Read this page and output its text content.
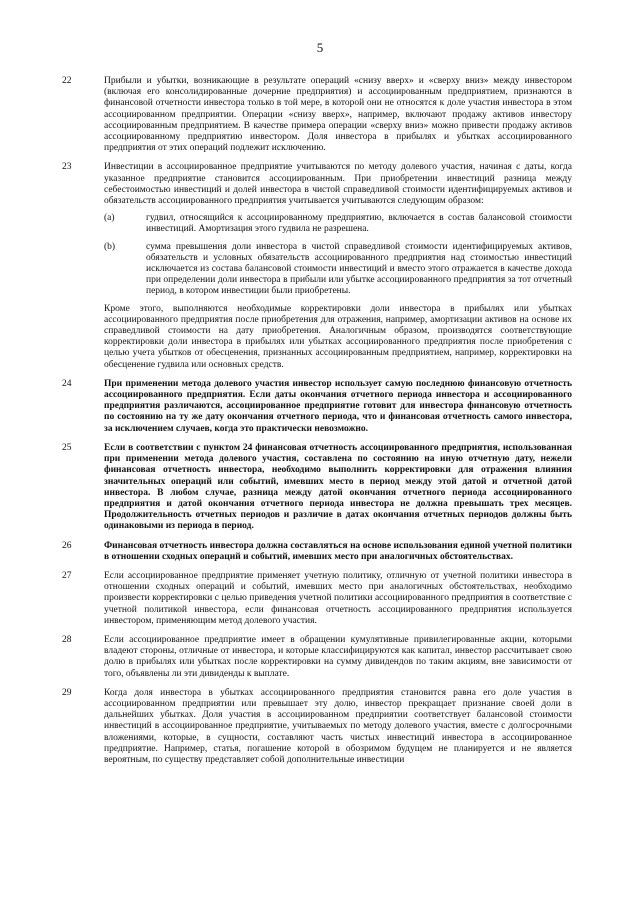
5
22	Прибыли и убытки, возникающие в результате операций «снизу вверх» и «сверху вниз» между инвестором (включая его консолидированные дочерние предприятия) и ассоциированным предприятием, признаются в финансовой отчетности инвестора только в той мере, в которой они не относятся к доле участия инвестора в этом ассоциированном предприятии. Операции «снизу вверх», например, включают продажу активов инвестору ассоциированным предприятием. В качестве примера операции «сверху вниз» можно привести продажу активов ассоциированному предприятию инвестором. Доля инвестора в прибылях и убытках ассоциированного предприятия от этих операций подлежит исключению.

23	Инвестиции в ассоциированное предприятие учитываются по методу долевого участия, начиная с даты, когда указанное предприятие становится ассоциированным. При приобретении инвестиций разница между себестоимостью инвестиций и долей инвестора в чистой справедливой стоимости идентифицируемых активов и обязательств ассоциированного предприятия учитывается учитываются следующим образом:

(a)	гудвил, относящийся к ассоциированному предприятию, включается в состав балансовой стоимости инвестиций. Амортизация этого гудвила не разрешена.
(b)	сумма превышения доли инвестора в чистой справедливой стоимости идентифицируемых активов, обязательств и условных обязательств ассоциированного предприятия над стоимостью инвестиций исключается из состава балансовой стоимости инвестиций и вместо этого отражается в качестве дохода при определении доли инвестора в прибыли или убытке ассоциированного предприятия за тот отчетный период, в котором инвестиции были приобретены.

Кроме этого, выполняются необходимые корректировки доли инвестора в прибылях или убытках ассоциированного предприятия после приобретения для отражения, например, амортизации активов на основе их справедливой стоимости на дату приобретения. Аналогичным образом, производятся соответствующие корректировки доли инвестора в прибылях или убытках ассоциированного предприятия после приобретения с целью учета убытков от обесценения, признанных ассоциированным предприятием, например, корректировки на обесценение гудвила или основных средств.

24	При применении метода долевого участия инвестор использует самую последнюю финансовую отчетность ассоциированного предприятия. Если даты окончания отчетного периода инвестора и ассоциированного предприятия различаются, ассоциированное предприятие готовит для инвестора финансовую отчетность по состоянию на ту же дату окончания отчетного периода, что и финансовая отчетность самого инвестора, за исключением случаев, когда это практически невозможно.

25	Если в соответствии с пунктом 24 финансовая отчетность ассоциированного предприятия, использованная при применении метода долевого участия, составлена по состоянию на иную отчетную дату, нежели финансовая отчетность инвестора, необходимо выполнить корректировки для отражения влияния значительных операций или событий, имевших место в период между этой датой и отчетной датой инвестора. В любом случае, разница между датой окончания отчетного периода ассоциированного предприятия и датой окончания отчетного периода инвестора не должна превышать трех месяцев. Продолжительность отчетных периодов и различие в датах окончания отчетных периодов должны быть одинаковыми из периода в период.

26	Финансовая отчетность инвестора должна составляться на основе использования единой учетной политики в отношении сходных операций и событий, имевших место при аналогичных обстоятельствах.

27	Если ассоциированное предприятие применяет учетную политику, отличную от учетной политики инвестора в отношении сходных операций и событий, имевших место при аналогичных обстоятельствах, необходимо произвести корректировки с целью приведения учетной политики ассоциированного предприятия в соответствие с учетной политикой инвестора, если финансовая отчетность ассоциированного предприятия используется инвестором, применяющим метод долевого участия.

28	Если ассоциированное предприятие имеет в обращении кумулятивные привилегированные акции, которыми владеют стороны, отличные от инвестора, и которые классифицируются как капитал, инвестор рассчитывает свою долю в прибылях или убытках после корректировки на сумму дивидендов по таким акциям, вне зависимости от того, объявлены ли эти дивиденды к выплате.

29	Когда доля инвестора в убытках ассоциированного предприятия становится равна его доле участия в ассоциированном предприятии или превышает эту долю, инвестор прекращает признание своей доли в дальнейших убытках. Доля участия в ассоциированном предприятии соответствует балансовой стоимости инвестиций в ассоциированное предприятие, учитываемых по методу долевого участия, вместе с долгосрочными вложениями, которые, в сущности, составляют часть чистых инвестиций инвестора в ассоциированное предприятие. Например, статья, погашение которой в обозримом будущем не планируется и не является вероятным, по существу представляет собой дополнительные инвестиции
